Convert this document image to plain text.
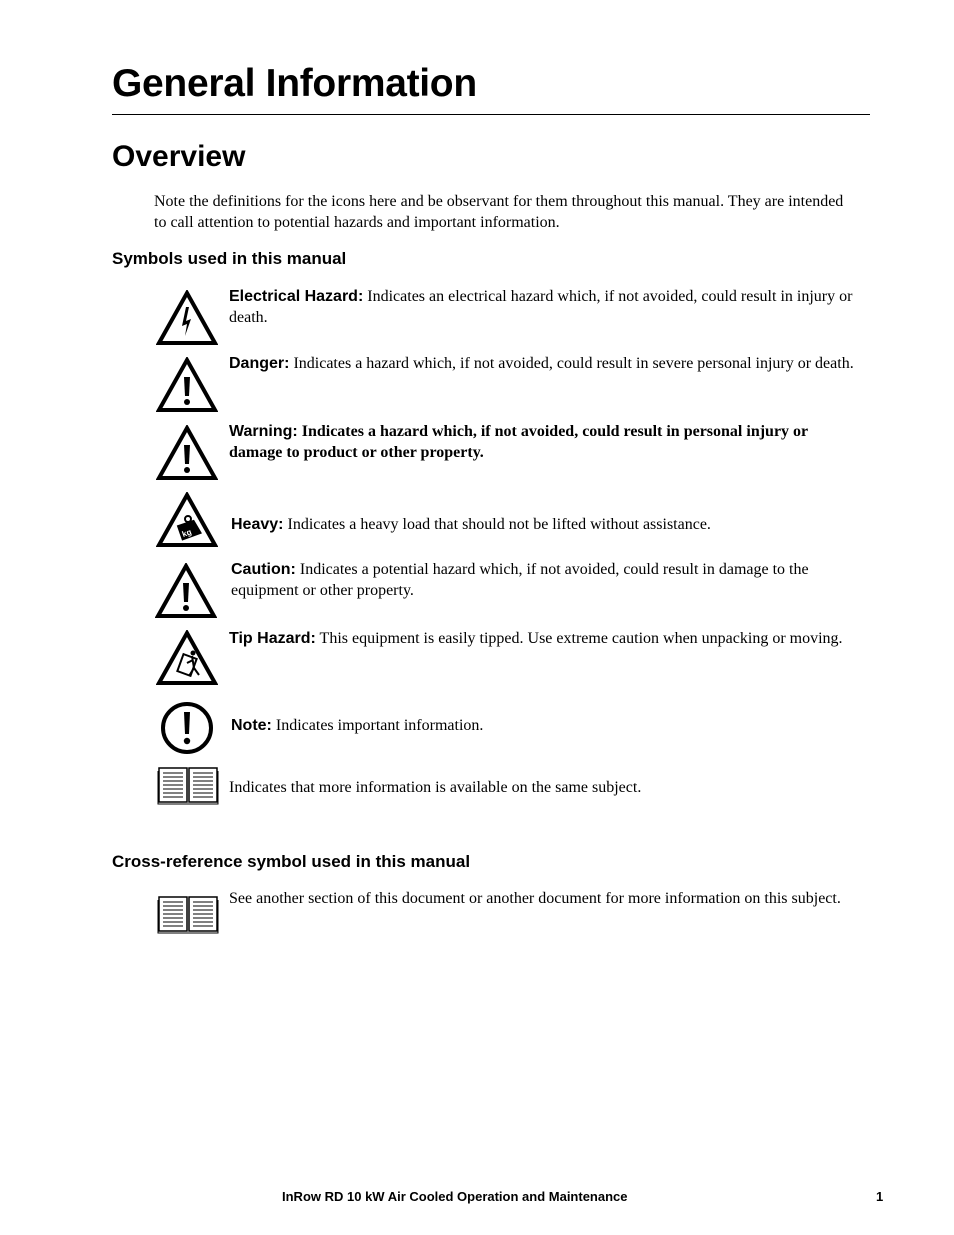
General Information
Overview
Note the definitions for the icons here and be observant for them throughout this manual. They are intended to call attention to potential hazards and important information.
Symbols used in this manual
Electrical Hazard: Indicates an electrical hazard which, if not avoided, could result in injury or death.
Danger: Indicates a hazard which, if not avoided, could result in severe personal injury or death.
Warning: Indicates a hazard which, if not avoided, could result in personal injury or damage to product or other property.
kg
Heavy: Indicates a heavy load that should not be lifted without assistance.
Caution: Indicates a potential hazard which, if not avoided, could result in damage to the equipment or other property.
Tip Hazard: This equipment is easily tipped. Use extreme caution when unpacking or moving.
Note: Indicates important information.
Indicates that more information is available on the same subject.
Cross-reference symbol used in this manual
See another section of this document or another document for more information on this subject.
InRow RD 10 kW Air Cooled Operation and Maintenance	1
